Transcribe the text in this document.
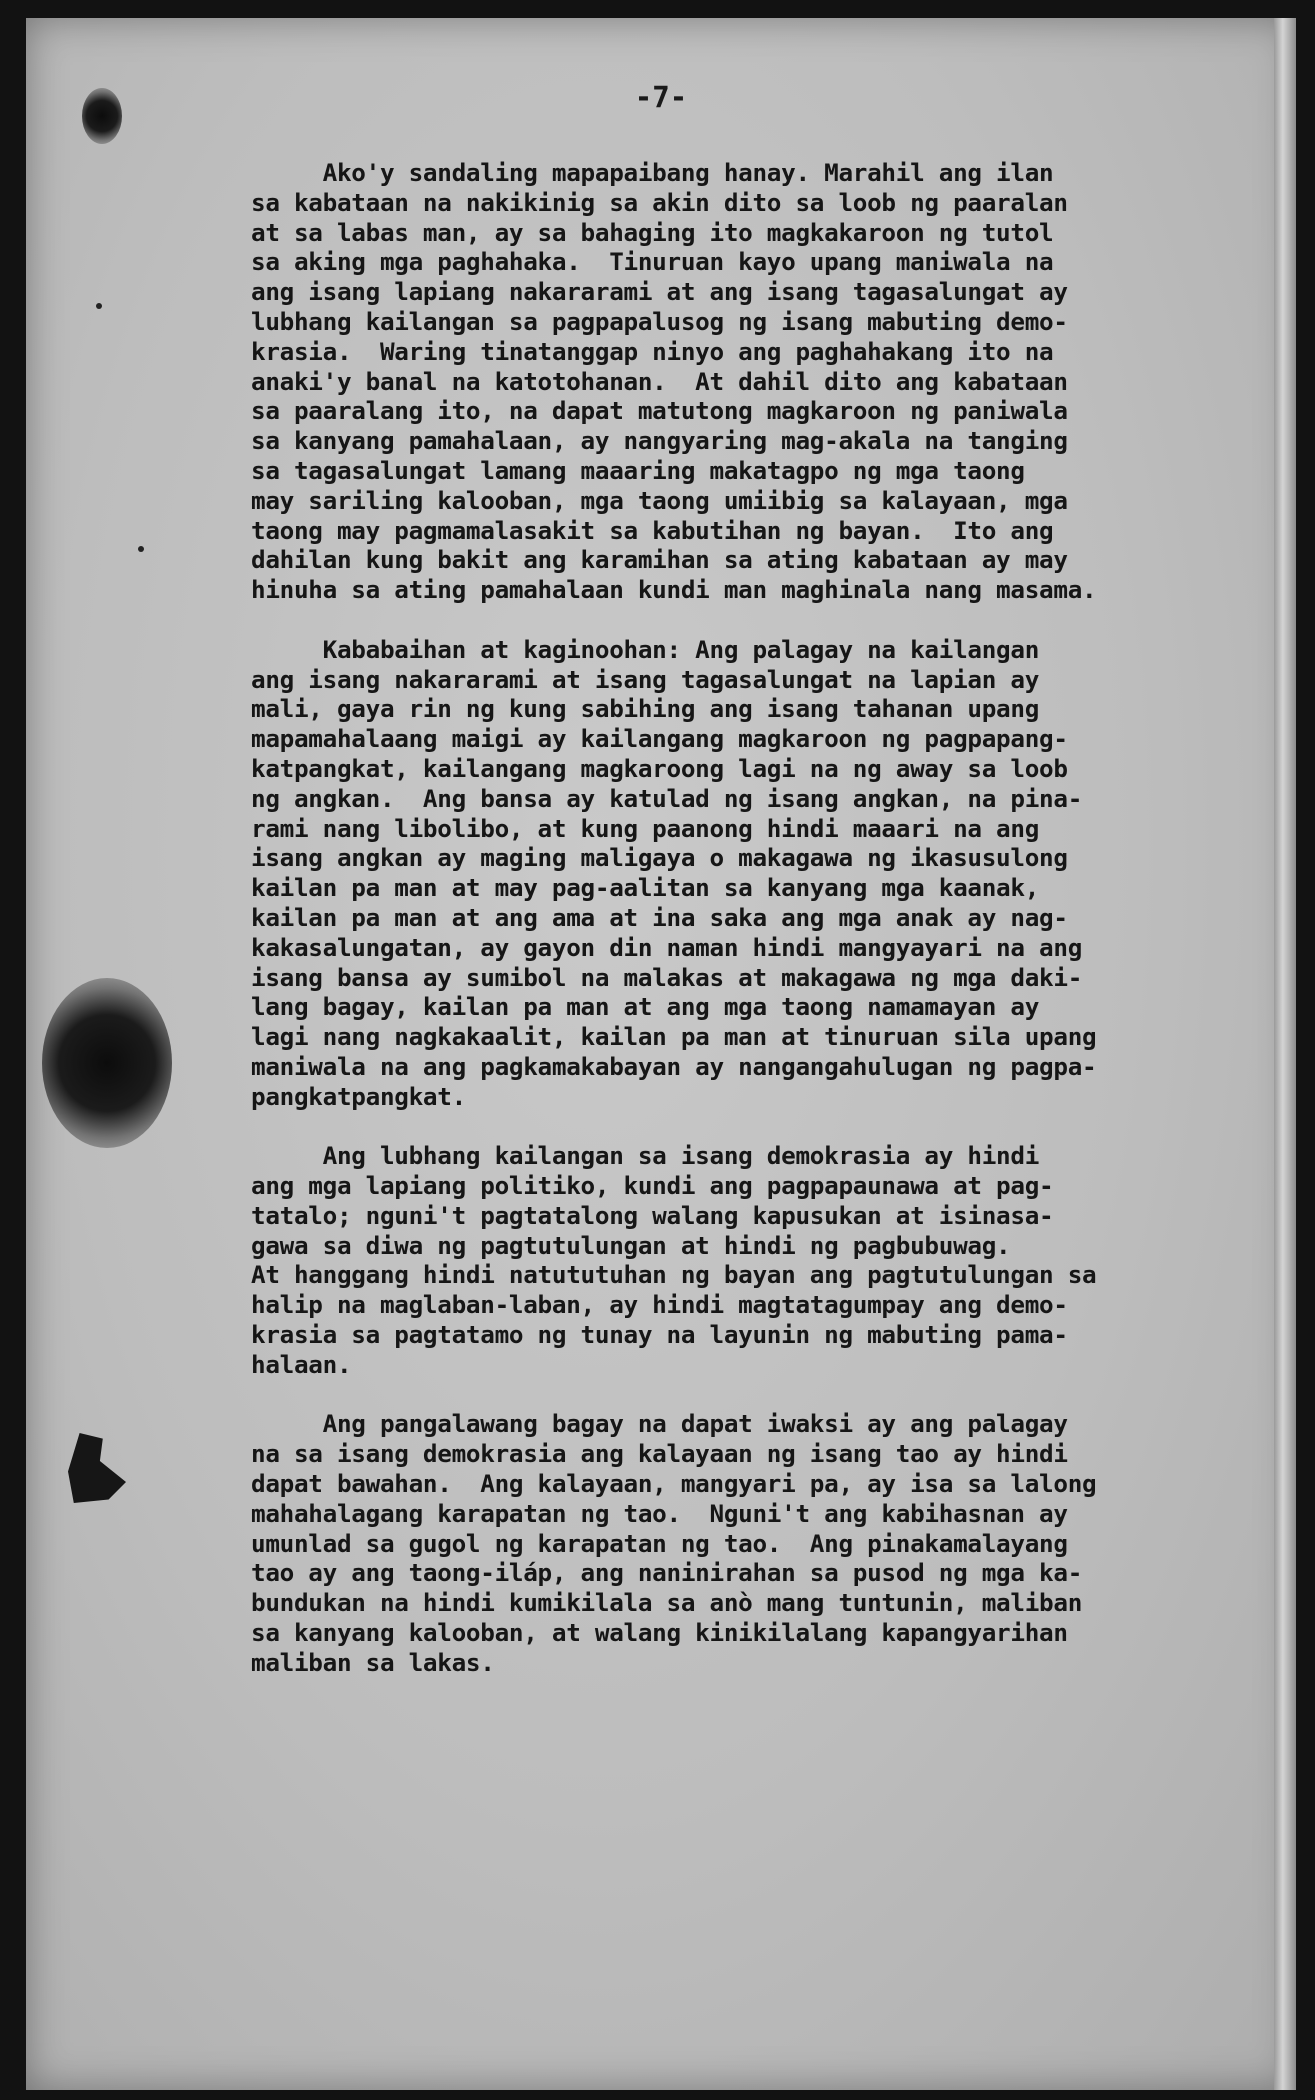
-7-
Ako'y sandaling mapapaibang hanay. Marahil ang ilan
sa kabataan na nakikinig sa akin dito sa loob ng paaralan
at sa labas man, ay sa bahaging ito magkakaroon ng tutol
sa aking mga paghahaka.  Tinuruan kayo upang maniwala na
ang isang lapiang nakararami at ang isang tagasalungat ay
lubhang kailangan sa pagpapalusog ng isang mabuting demo-
krasia.  Waring tinatanggap ninyo ang paghahakang ito na
anaki'y banal na katotohanan.  At dahil dito ang kabataan
sa paaralang ito, na dapat matutong magkaroon ng paniwala
sa kanyang pamahalaan, ay nangyaring mag-akala na tanging
sa tagasalungat lamang maaaring makatagpo ng mga taong
may sariling kalooban, mga taong umiibig sa kalayaan, mga
taong may pagmamalasakit sa kabutihan ng bayan.  Ito ang
dahilan kung bakit ang karamihan sa ating kabataan ay may
hinuha sa ating pamahalaan kundi man maghinala nang masama.
Kababaihan at kaginoohan: Ang palagay na kailangan
ang isang nakararami at isang tagasalungat na lapian ay
mali, gaya rin ng kung sabihing ang isang tahanan upang
mapamahalaang maigi ay kailangang magkaroon ng pagpapang-
katpangkat, kailangang magkaroong lagi na ng away sa loob
ng angkan.  Ang bansa ay katulad ng isang angkan, na pina-
rami nang libolibo, at kung paanong hindi maaari na ang
isang angkan ay maging maligaya o makagawa ng ikasusulong
kailan pa man at may pag-aalitan sa kanyang mga kaanak,
kailan pa man at ang ama at ina saka ang mga anak ay nag-
kakasalungatan, ay gayon din naman hindi mangyayari na ang
isang bansa ay sumibol na malakas at makagawa ng mga daki-
lang bagay, kailan pa man at ang mga taong namamayan ay
lagi nang nagkakaalit, kailan pa man at tinuruan sila upang
maniwala na ang pagkamakabayan ay nangangahulugan ng pagpa-
pangkatpangkat.
Ang lubhang kailangan sa isang demokrasia ay hindi
ang mga lapiang politiko, kundi ang pagpapaunawa at pag-
tatalo; nguni't pagtatalong walang kapusukan at isinasa-
gawa sa diwa ng pagtutulungan at hindi ng pagbubuwag.
At hanggang hindi natututuhan ng bayan ang pagtutulungan sa
halip na maglaban-laban, ay hindi magtatagumpay ang demo-
krasia sa pagtatamo ng tunay na layunin ng mabuting pama-
halaan.
Ang pangalawang bagay na dapat iwaksi ay ang palagay
na sa isang demokrasia ang kalayaan ng isang tao ay hindi
dapat bawahan.  Ang kalayaan, mangyari pa, ay isa sa lalong
mahahalagang karapatan ng tao.  Nguni't ang kabihasnan ay
umunlad sa gugol ng karapatan ng tao.  Ang pinakamalayang
tao ay ang taong-iláp, ang naninirahan sa pusod ng mga ka-
bundukan na hindi kumikilala sa anò mang tuntunin, maliban
sa kanyang kalooban, at walang kinikilalang kapangyarihan
maliban sa lakas.
